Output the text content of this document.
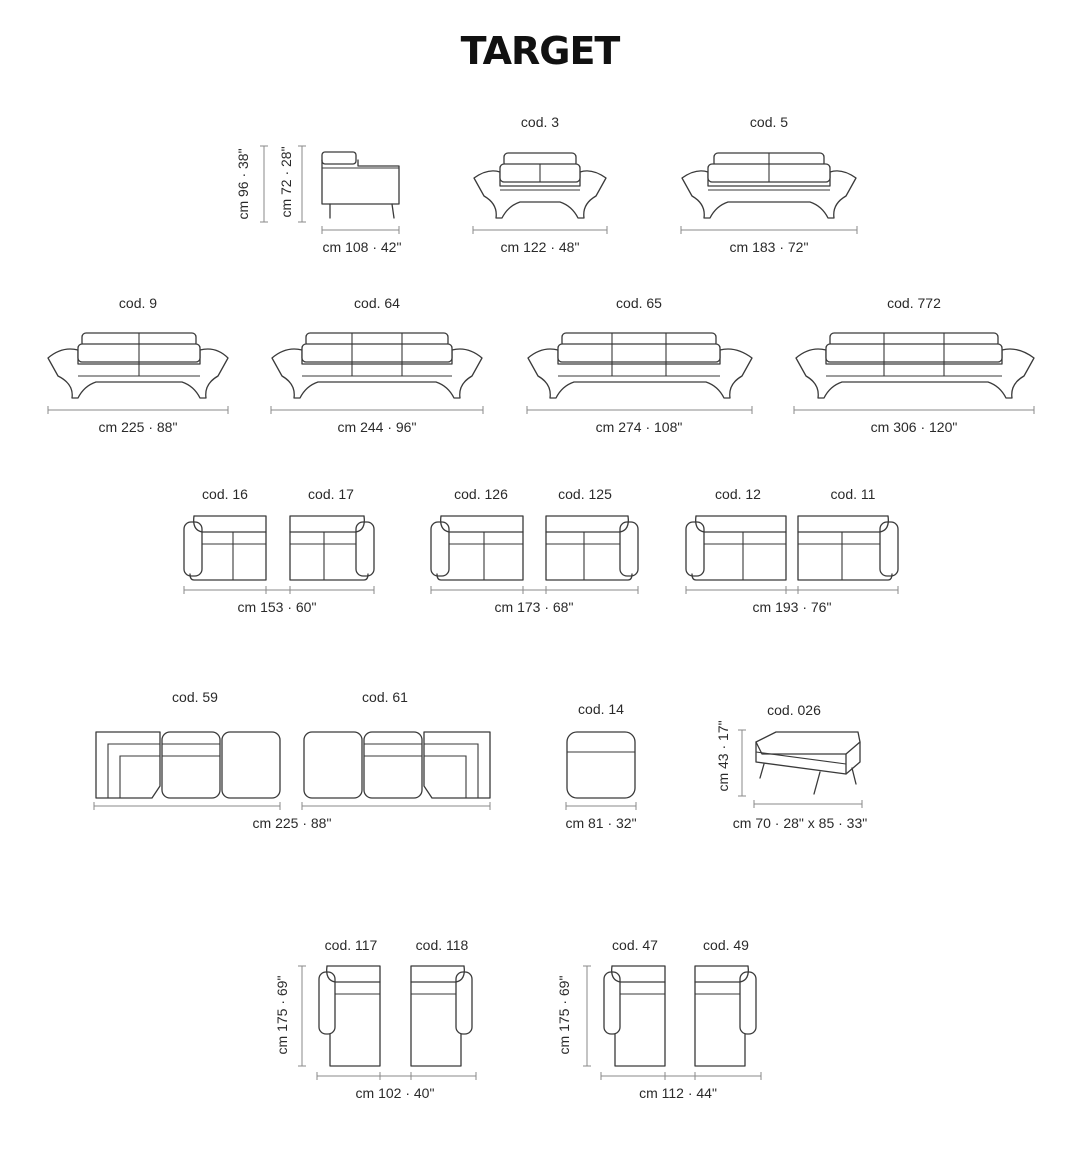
TARGET
cm 96 · 38" cm 72 · 28"
cm 108 · 42"
cod. 3
cm 122 · 48"
cod. 5
cm 183 · 72"
cod. 9
cm 225 · 88"
cod. 64
cm 244 · 96"
cod. 65
cm 274 · 108"
cod. 772
cm 306 · 120"
cod. 16	cod. 17
cm 153 · 60"
cod. 126	cod. 125
cm 173 · 68"
cod. 12	cod. 11
cm 193 · 76"
cod. 59	cod. 61
cm 225 · 88"
cod. 14
cm 81 · 32"
cod. 026
cm 43 · 17"
cm 70 · 28" x 85 · 33"
cod. 117	cod. 118
cm 175 · 69"
cm 102 · 40"
cod. 47	cod. 49
cm 175 · 69"
cm 112 · 44"
